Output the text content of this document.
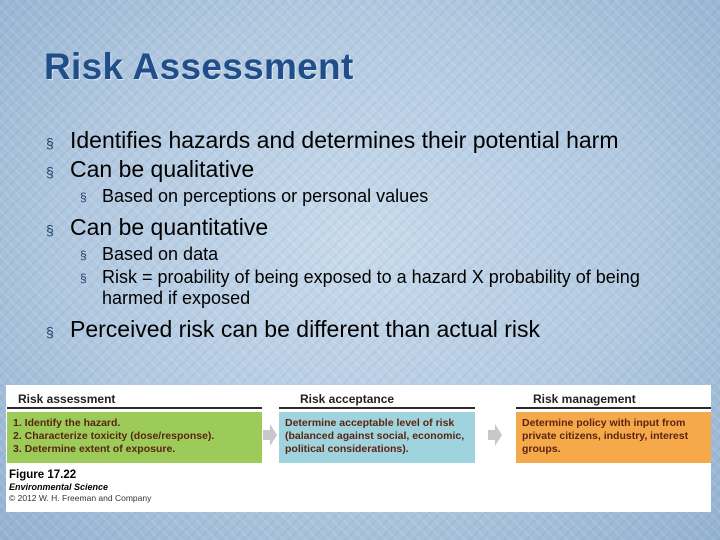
Risk Assessment
§ Identifies hazards and determines their potential harm
§ Can be qualitative
§ Based on perceptions or personal values
§ Can be quantitative
§ Based on data
§ Risk = proability of being exposed to a hazard X probability of being harmed if exposed
§ Perceived risk can be different than actual risk
Risk assessment	Risk acceptance	Risk management
1. Identify the hazard.
2. Characterize toxicity (dose/response).
3. Determine extent of exposure.
Determine acceptable level of risk
(balanced against social, economic,
political considerations).
Determine policy with input from
private citizens, industry, interest
groups.
Figure 17.22
Environmental Science
© 2012 W. H. Freeman and Company
